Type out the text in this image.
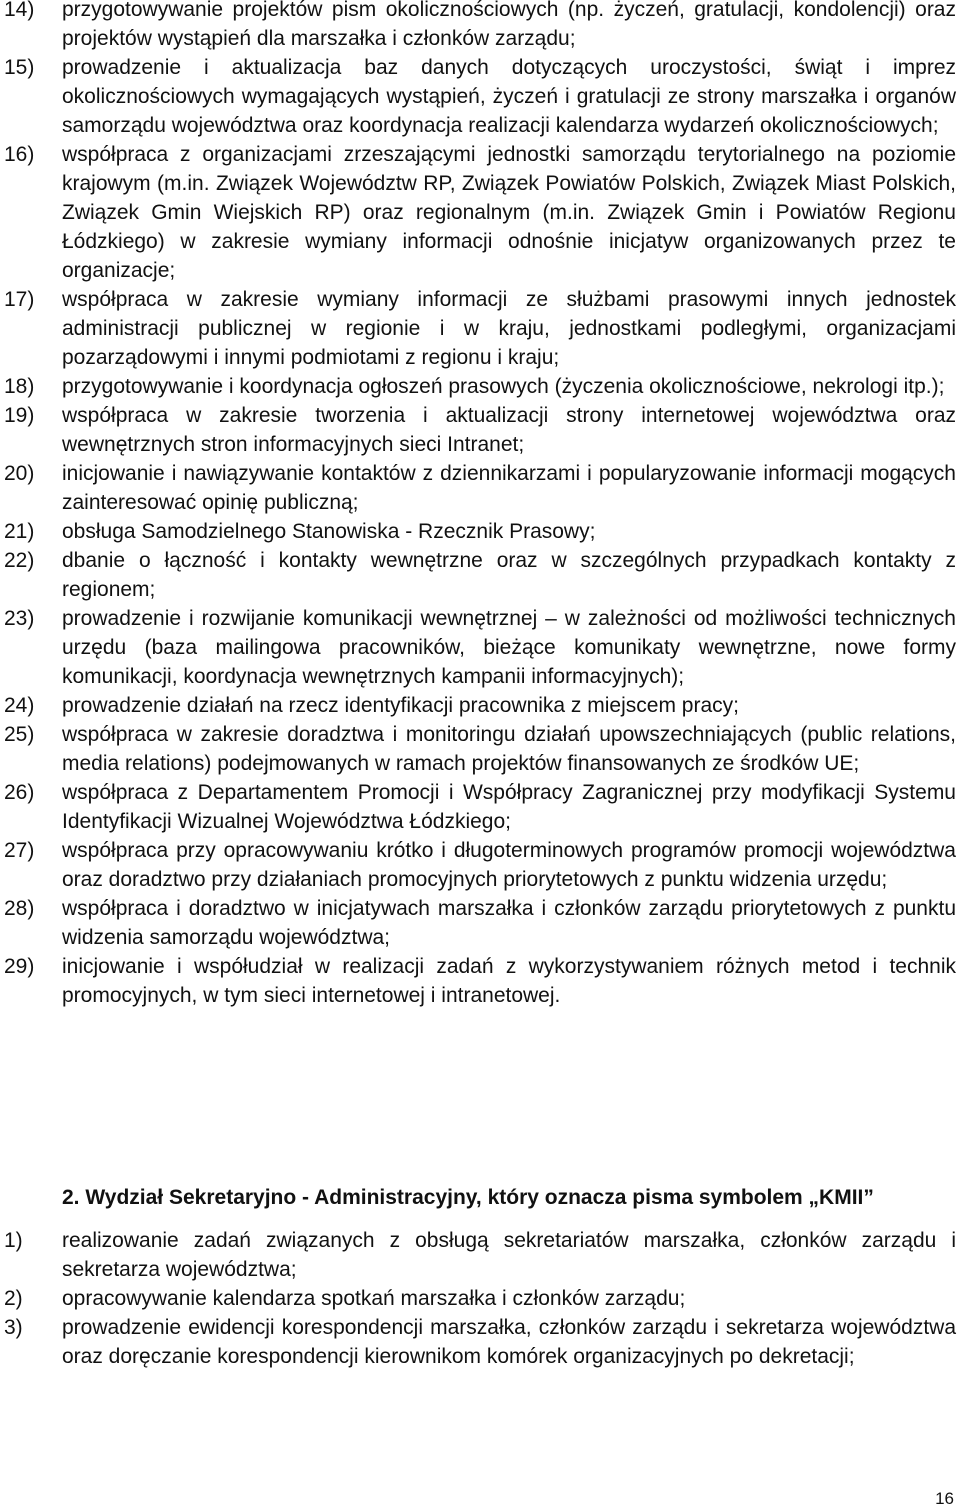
14) przygotowywanie projektów pism okolicznościowych (np. życzeń, gratulacji, kondolencji) oraz projektów wystąpień dla marszałka i członków zarządu;
15) prowadzenie i aktualizacja baz danych dotyczących uroczystości, świąt i imprez okolicznościowych wymagających wystąpień, życzeń i gratulacji ze strony marszałka i organów samorządu województwa oraz koordynacja realizacji kalendarza wydarzeń okolicznościowych;
16) współpraca z organizacjami zrzeszającymi jednostki samorządu terytorialnego na poziomie krajowym (m.in. Związek Województw RP, Związek Powiatów Polskich, Związek Miast Polskich, Związek Gmin Wiejskich RP) oraz regionalnym (m.in. Związek Gmin i Powiatów Regionu Łódzkiego) w zakresie wymiany informacji odnośnie inicjatyw organizowanych przez te organizacje;
17) współpraca w zakresie wymiany informacji ze służbami prasowymi innych jednostek administracji publicznej w regionie i w kraju, jednostkami podległymi, organizacjami pozarządowymi i innymi podmiotami z regionu i kraju;
18) przygotowywanie i koordynacja ogłoszeń prasowych (życzenia okolicznościowe, nekrologi itp.);
19) współpraca w zakresie tworzenia i aktualizacji strony internetowej województwa oraz wewnętrznych stron informacyjnych sieci Intranet;
20) inicjowanie i nawiązywanie kontaktów z dziennikarzami i popularyzowanie informacji mogących zainteresować opinię publiczną;
21) obsługa Samodzielnego Stanowiska - Rzecznik Prasowy;
22) dbanie o łączność i kontakty wewnętrzne oraz w szczególnych przypadkach kontakty z regionem;
23) prowadzenie i rozwijanie komunikacji wewnętrznej – w zależności od możliwości technicznych urzędu (baza mailingowa pracowników, bieżące komunikaty wewnętrzne, nowe formy komunikacji, koordynacja wewnętrznych kampanii informacyjnych);
24) prowadzenie działań na rzecz identyfikacji pracownika z miejscem pracy;
25) współpraca w zakresie doradztwa i monitoringu działań upowszechniających (public relations, media relations) podejmowanych w ramach projektów finansowanych ze środków UE;
26) współpraca z Departamentem Promocji i Współpracy Zagranicznej przy modyfikacji Systemu Identyfikacji Wizualnej Województwa Łódzkiego;
27) współpraca przy opracowywaniu krótko i długoterminowych programów promocji województwa oraz doradztwo przy działaniach promocyjnych priorytetowych z punktu widzenia urzędu;
28) współpraca i doradztwo w inicjatywach marszałka i członków zarządu priorytetowych z punktu widzenia samorządu województwa;
29) inicjowanie i współudział w realizacji zadań z wykorzystywaniem różnych metod i technik promocyjnych, w tym sieci internetowej i intranetowej.
2. Wydział Sekretaryjno - Administracyjny, który oznacza pisma symbolem „KMII”
1) realizowanie zadań związanych z obsługą sekretariatów marszałka, członków zarządu i sekretarza województwa;
2) opracowywanie kalendarza spotkań marszałka i członków zarządu;
3) prowadzenie ewidencji korespondencji marszałka, członków zarządu i sekretarza województwa oraz doręczanie korespondencji kierownikom komórek organizacyjnych po dekretacji;
16
